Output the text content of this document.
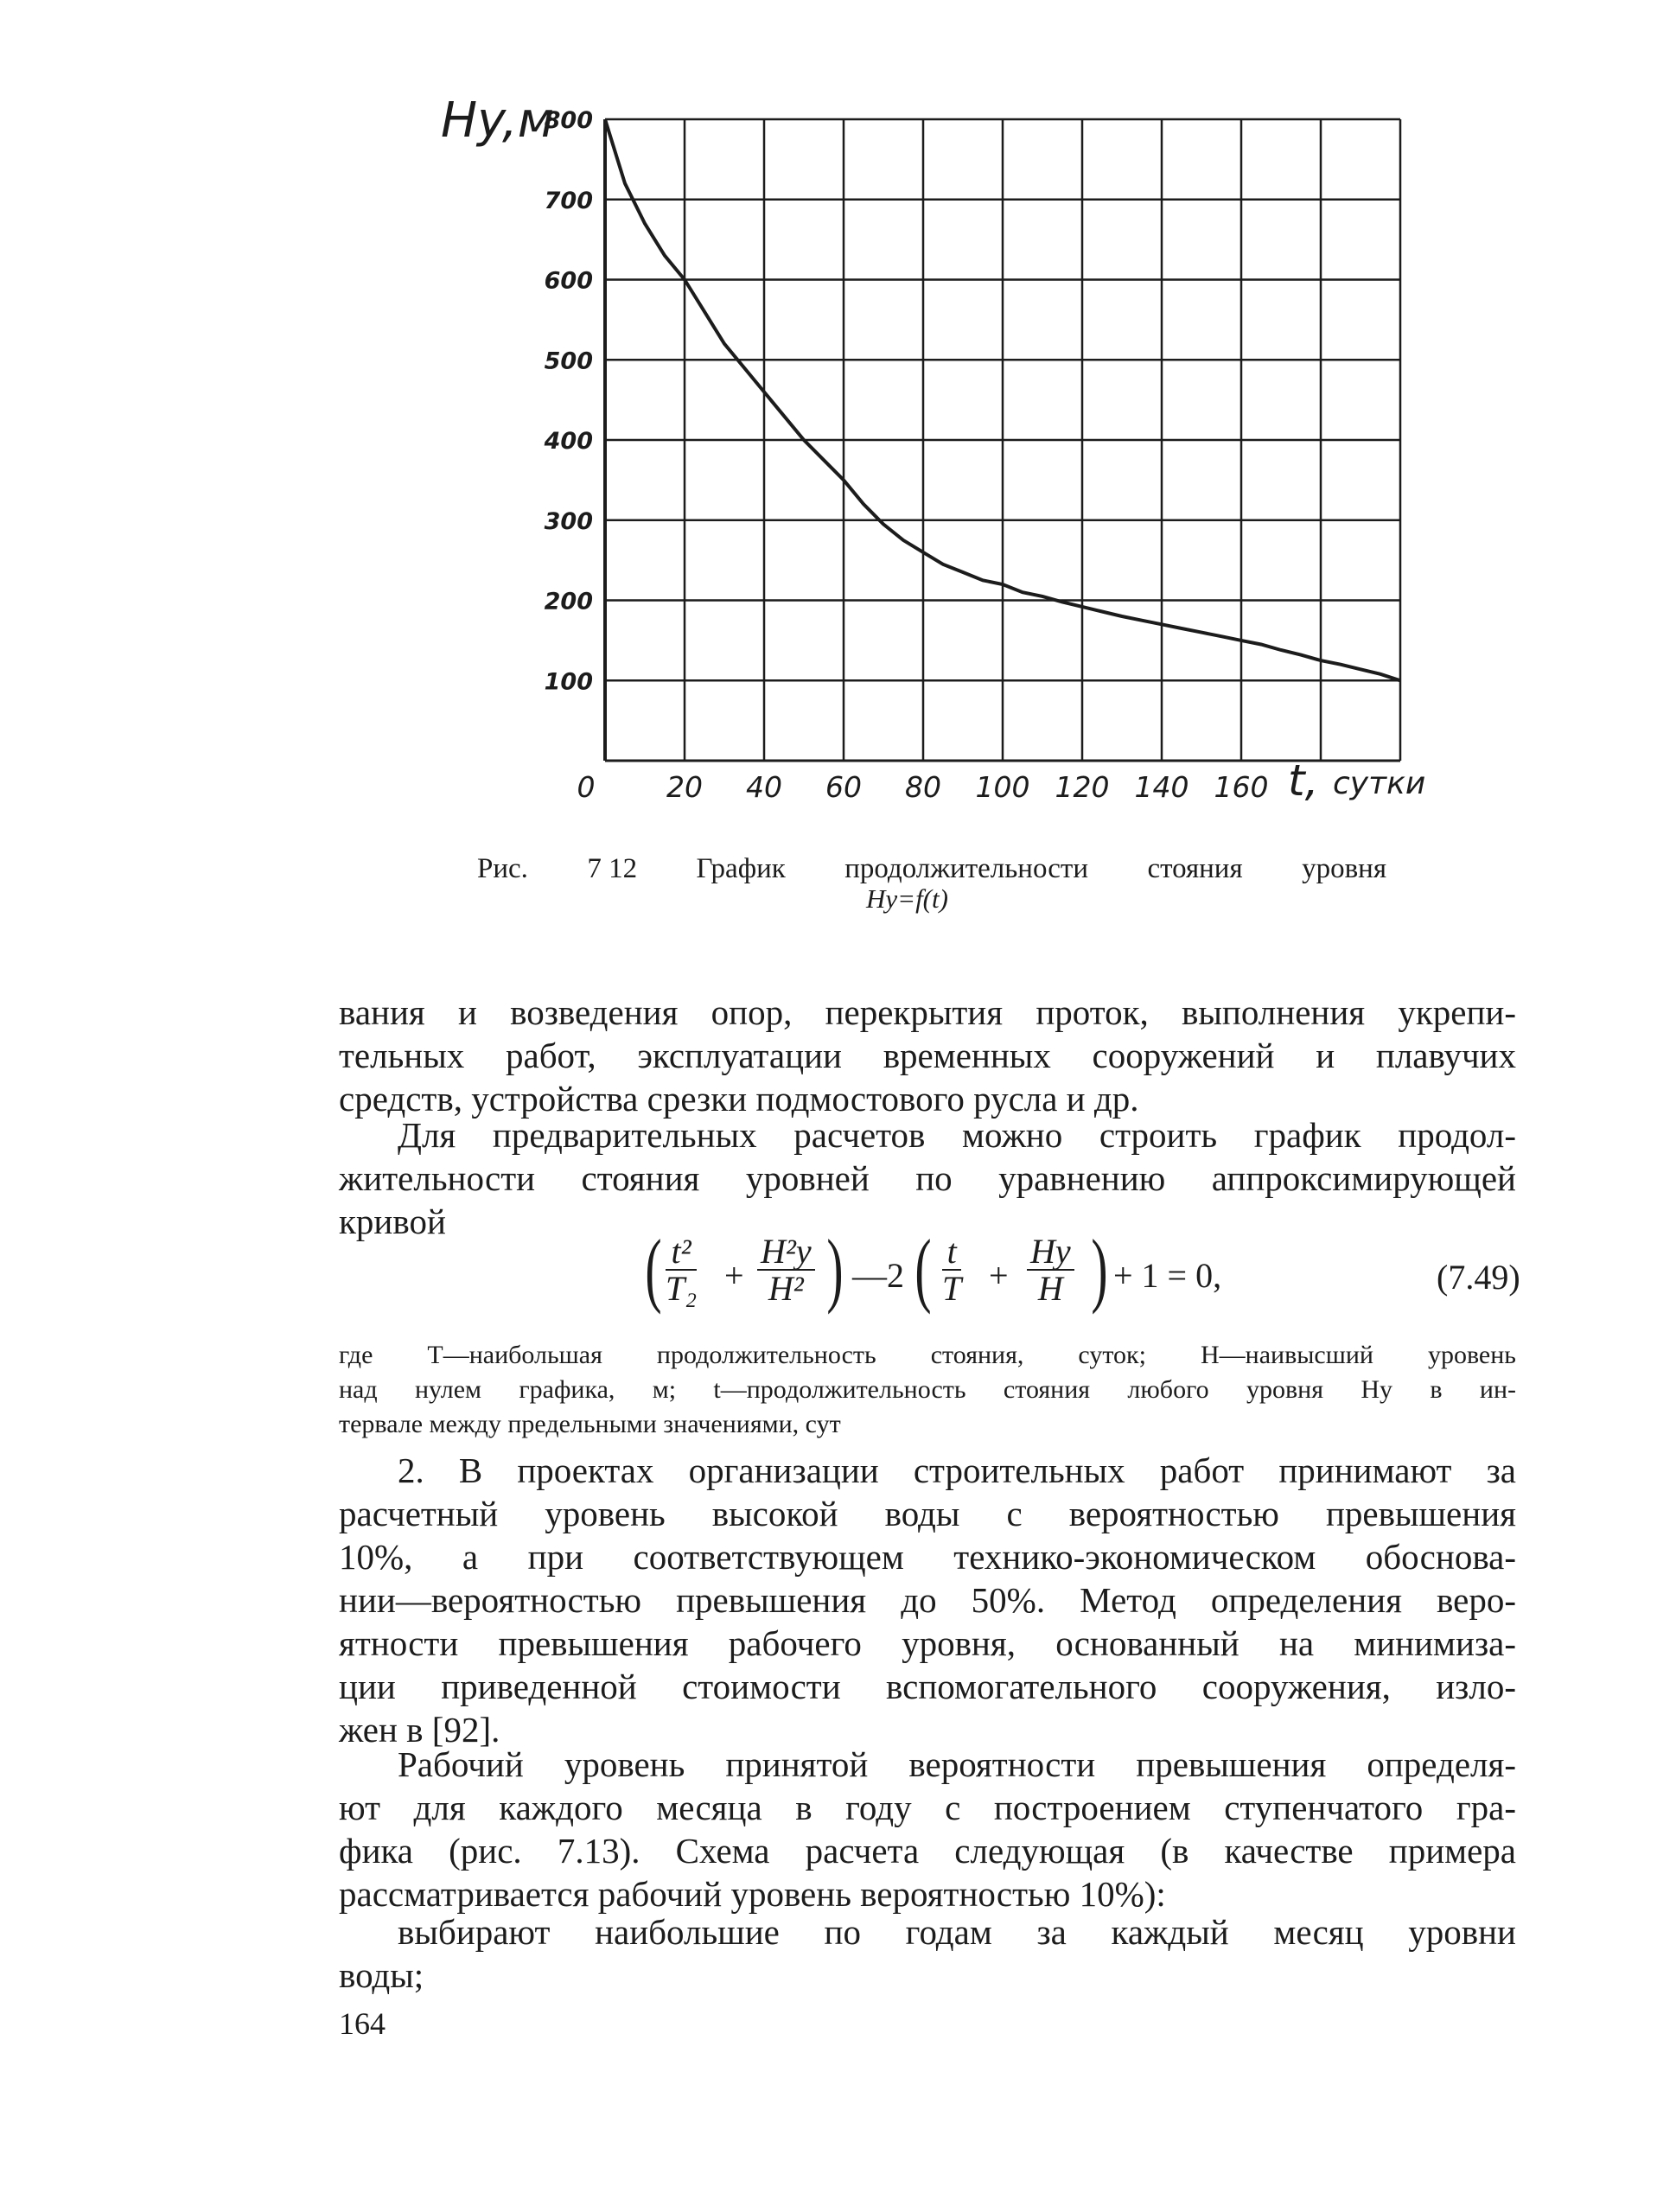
800
700
600
500
400
300
200
100
0	20 40 60 80 100 120 140 160
Hy,м
t, сутки
Рис. 7 12 График продолжительности стояния уровня
Hy=f(t)
вания и возведения опор, перекрытия проток, выполнения укрепи-
тельных работ, эксплуатации временных сооружений и плавучих
средств, устройства срезки подмостового русла и др.
Для предварительных расчетов можно строить график продол-
жительности стояния уровней по уравнению аппроксимирующей
кривой
( $\frac{\text{t²}}{\text{T₂}}$ +
H²у
H² ) —2 ( $\frac{t}{T}$ +
Hу
H ) + 1 = 0,	(7.49)
где T—наибольшая продолжительность стояния, суток; H—наивысший уровень
над нулем графика, м; t—продолжительность стояния любого уровня Hу в ин-
тервале между предельными значениями, сут
2. В проектах организации строительных работ принимают за
расчетный уровень высокой воды с вероятностью превышения
10%, а при соответствующем технико-экономическом обоснова-
нии—вероятностью превышения до 50%. Метод определения веро-
ятности превышения рабочего уровня, основанный на минимиза-
ции приведенной стоимости вспомогательного сооружения, изло-
жен в [92].
Рабочий уровень принятой вероятности превышения определя-
ют для каждого месяца в году с построением ступенчатого гра-
фика (рис. 7.13). Схема расчета следующая (в качестве примера
рассматривается рабочий уровень вероятностью 10%):
выбирают наибольшие по годам за каждый месяц уровни
воды;
164
